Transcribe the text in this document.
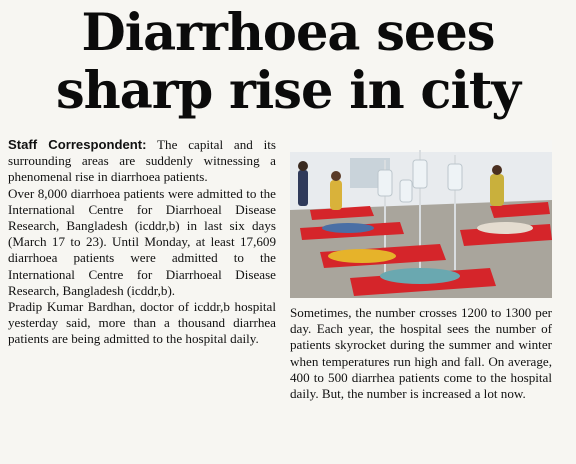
Diarrhoea sees
sharp rise in city

Staff Correspondent: The capital and its surrounding areas are suddenly witnessing a phenomenal rise in diarrhoea patients.

Over 8,000 diarrhoea patients were admitted to the International Centre for Diarrhoeal Disease Research, Bangladesh (icddr,b) in last six days (March 17 to 23). Until Monday, at least 17,609 diarrhoea patients were admitted to the International Centre for Diarrhoeal Disease Research, Bangladesh (icddr,b).

Pradip Kumar Bardhan, doctor of icddr,b hospital yesterday said, more than a thousand diarrhea patients are being admitted to the hospital daily.

Sometimes, the number crosses 1200 to 1300 per day. Each year, the hospital sees the number of patients skyrocket during the summer and winter when temperatures run high and fall. On average, 400 to 500 diarrhea patients come to the hospital daily. But, the number is increased a lot now.
